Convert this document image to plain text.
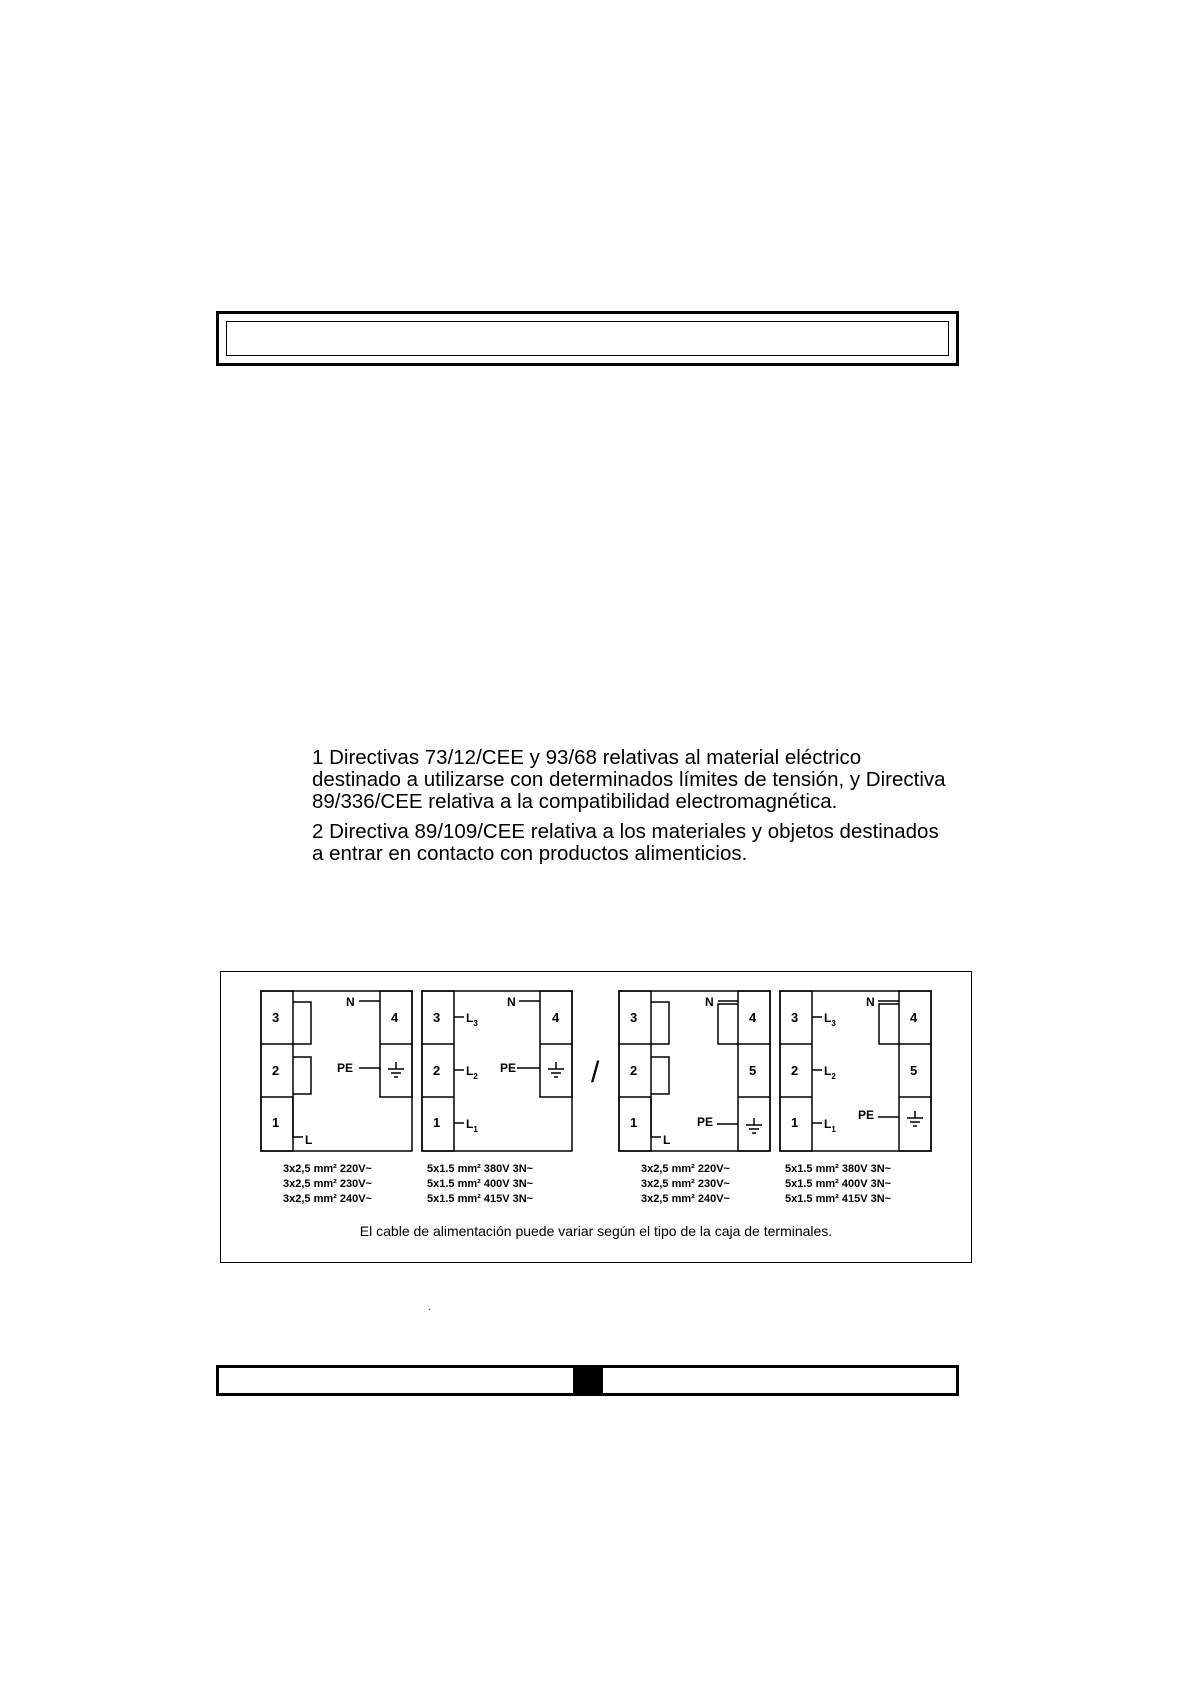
1 Directivas 73/12/CEE y 93/68 relativas al material eléctrico
destinado a utilizarse con determinados límites de tensión, y Directiva
89/336/CEE relativa a la compatibilidad electromagnética.

2 Directiva 89/109/CEE relativa a los materiales y objetos destinados
a entrar en contacto con productos alimenticios.

3
2
1
4
N
PE
L
3
2
1
4
N
PE
$L_3$
$L_2$
$L_1$
/
3
2
1
4
5
N
PE
L
3
2
1
4
5
N
PE
$L_3$
$L_2$
$L_1$
3x2,5 mm² 220V~
3x2,5 mm² 230V~
3x2,5 mm² 240V~
5x1.5 mm² 380V 3N~
5x1.5 mm² 400V 3N~
5x1.5 mm² 415V 3N~
3x2,5 mm² 220V~
3x2,5 mm² 230V~
3x2,5 mm² 240V~
5x1.5 mm² 380V 3N~
5x1.5 mm² 400V 3N~
5x1.5 mm² 415V 3N~
El cable de alimentación puede variar según el tipo de la caja de terminales.
